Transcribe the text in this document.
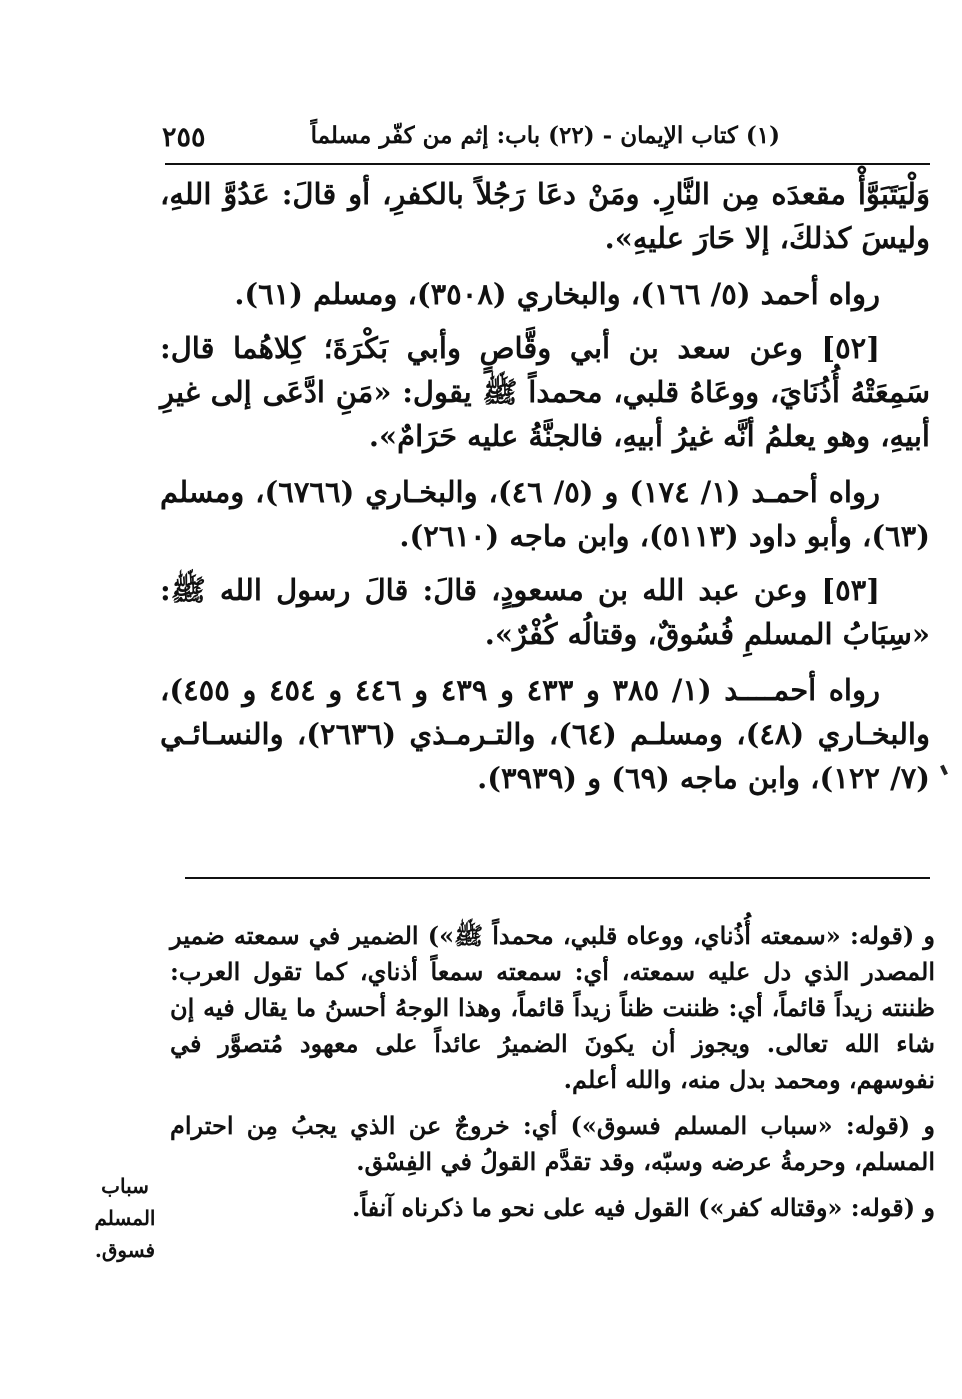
(١) كتاب الإيمان - (٢٢) باب: إثم من كفّر مسلماً
٢٥٥

وَلْيَتَبَوَّأْ مقعدَه مِن النَّارِ. ومَنْ دعَا رَجُلاً بالكفرِ، أو قالَ: عَدُوَّ اللهِ، وليسَ كذلكَ، إلا حَارَ عليهِ».

رواه أحمد (٥/ ١٦٦)، والبخاري (٣٥٠٨)، ومسلم (٦١).

[٥٢] وعن سعد بن أبي وقَّاصٍ وأبي بَكْرَةَ؛ كِلاهُما قال: سَمِعَتْهُ أُذُنَايَ، ووعَاهُ قلبي، محمداً ﷺ يقول: «مَنِ ادَّعَى إلى غيرِ أبيهِ، وهو يعلمُ أنَّه غيرُ أبيهِ، فالجنَّةُ عليه حَرَامٌ».

رواه أحمـد (١/ ١٧٤) و (٥/ ٤٦)، والبخـاري (٦٧٦٦)، ومسلم (٦٣)، وأبو داود (٥١١٣)، وابن ماجه (٢٦١٠).

[٥٣] وعن عبد الله بن مسعودٍ، قالَ: قالَ رسول الله ﷺ: «سِبَابُ المسلمِ فُسُوقٌ، وقتالُه كُفْرٌ».

رواه أحمــــد (١/ ٣٨٥ و ٤٣٣ و ٤٣٩ و ٤٤٦ و ٤٥٤ و ٤٥٥)، والبخـاري (٤٨)، ومسلـم (٦٤)، والتـرمـذي (٢٦٣٦)، والنسـائـي (٧/ ١٢٢)، وابن ماجه (٦٩) و (٣٩٣٩).

و (قوله: «سمعته أُذُناي، ووعاه قلبي، محمداً ﷺ») الضمير في سمعته ضمير المصدر الذي دل عليه سمعته، أي: سمعته سمعاً أذناي، كما تقول العرب: ظننته زيداً قائماً، أي: ظننت ظناً زيداً قائماً، وهذا الوجهُ أحسنُ ما يقال فيه إن شاء الله تعالى. ويجوز أن يكونَ الضميرُ عائداً على معهود مُتصوَّر في نفوسهم، ومحمد بدل منه، والله أعلم.

و (قوله: «سباب المسلم فسوق») أي: خروجٌ عن الذي يجبُ مِن احترام المسلم، وحرمةُ عرضه وسبّه، وقد تقدَّم القولُ في الفِسْق.

و (قوله: «وقتاله كفر») القول فيه على نحو ما ذكرناه آنفاً.

سباب المسلم فسوق.
